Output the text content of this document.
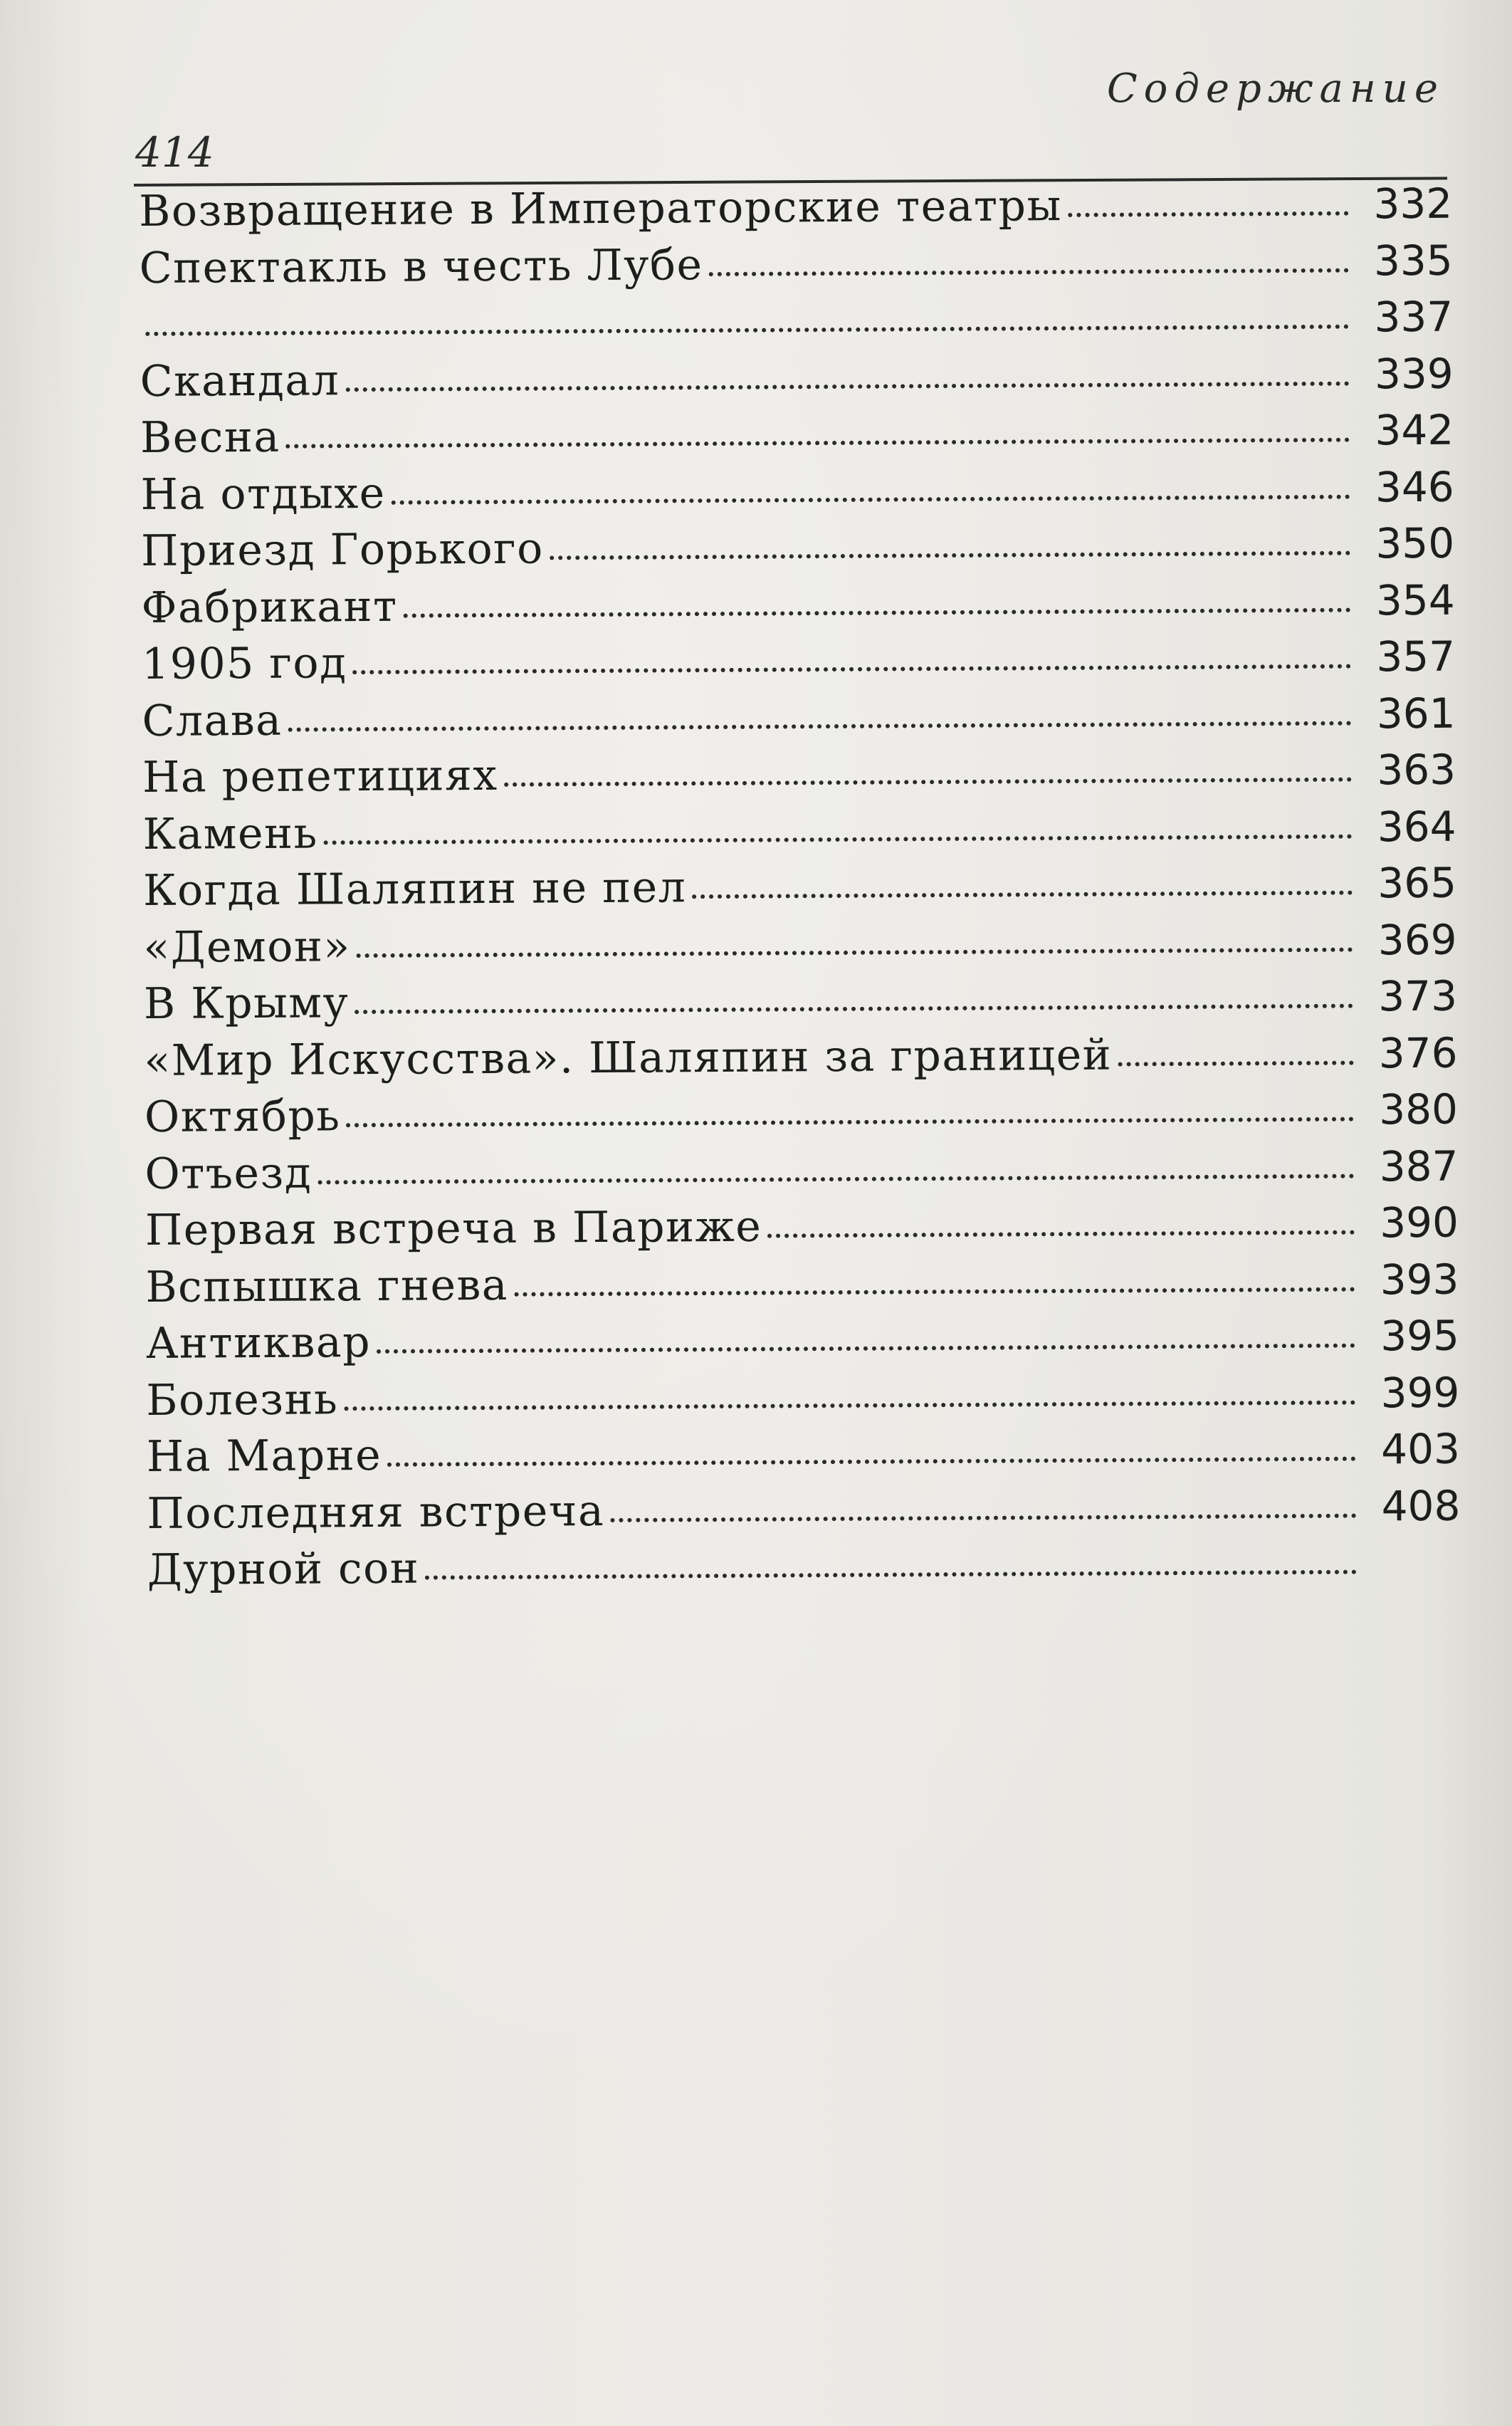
Содержание
414
Возвращение в Императорские театры	332
Спектакль в честь Лубе	335
337
Скандал	339
Весна	342
На отдыхе	346
Приезд Горького	350
Фабрикант	354
1905 год	357
Слава	361
На репетициях	363
Камень	364
Когда Шаляпин не пел	365
«Демон»	369
В Крыму	373
«Мир Искусства». Шаляпин за границей	376
Октябрь	380
Отъезд	387
Первая встреча в Париже	390
Вспышка гнева	393
Антиквар	395
Болезнь	399
На Марне	403
Последняя встреча	408
Дурной сон
